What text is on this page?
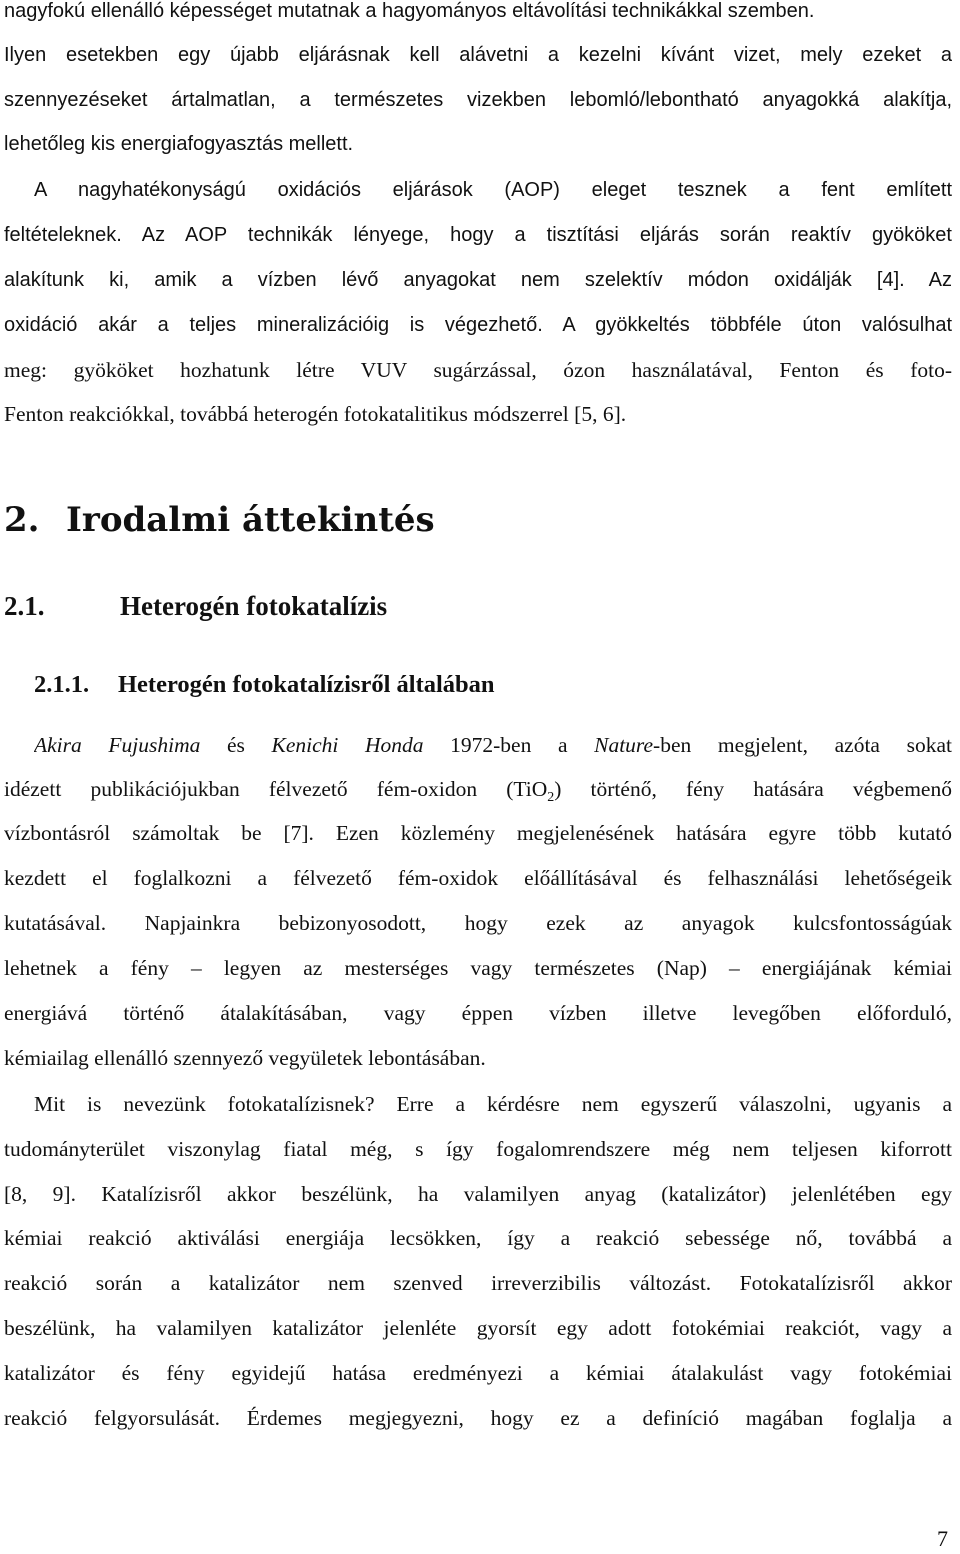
nagyfokú ellenálló képességet mutatnak a hagyományos eltávolítási technikákkal szemben.
Ilyen esetekben egy újabb eljárásnak kell alávetni a kezelni kívánt vizet, mely ezeket a
szennyezéseket ártalmatlan, a természetes vizekben lebomló/lebontható anyagokká alakítja,
lehetőleg kis energiafogyasztás mellett.
A nagyhatékonyságú oxidációs eljárások (AOP) eleget tesznek a fent említett
feltételeknek. Az AOP technikák lényege, hogy a tisztítási eljárás során reaktív gyököket
alakítunk ki, amik a vízben lévő anyagokat nem szelektív módon oxidálják [4]. Az
oxidáció akár a teljes mineralizációig is végezhető. A gyökkeltés többféle úton valósulhat
meg: gyököket hozhatunk létre VUV sugárzással, ózon használatával, Fenton és foto-
Fenton reakciókkal, továbbá heterogén fotokatalitikus módszerrel [5, 6].
2. Irodalmi áttekintés
2.1.	Heterogén fotokatalízis
2.1.1. Heterogén fotokatalízisről általában
Akira Fujushima és Kenichi Honda 1972-ben a Nature-ben megjelent, azóta sokat
idézett publikációjukban félvezető fém-oxidon (TiO$_2$) történő, fény hatására végbemenő
vízbontásról számoltak be [7]. Ezen közlemény megjelenésének hatására egyre több kutató
kezdett el foglalkozni a félvezető fém-oxidok előállításával és felhasználási lehetőségeik
kutatásával. Napjainkra bebizonyosodott, hogy ezek az anyagok kulcsfontosságúak
lehetnek a fény – legyen az mesterséges vagy természetes (Nap) – energiájának kémiai
energiává történő átalakításában, vagy éppen vízben illetve levegőben előforduló,
kémiailag ellenálló szennyező vegyületek lebontásában.
Mit is nevezünk fotokatalízisnek? Erre a kérdésre nem egyszerű válaszolni, ugyanis a
tudományterület viszonylag fiatal még, s így fogalomrendszere még nem teljesen kiforrott
[8, 9]. Katalízisről akkor beszélünk, ha valamilyen anyag (katalizátor) jelenlétében egy
kémiai reakció aktiválási energiája lecsökken, így a reakció sebessége nő, továbbá a
reakció során a katalizátor nem szenved irreverzibilis változást. Fotokatalízisről akkor
beszélünk, ha valamilyen katalizátor jelenléte gyorsít egy adott fotokémiai reakciót, vagy a
katalizátor és fény egyidejű hatása eredményezi a kémiai átalakulást vagy fotokémiai
reakció felgyorsulását. Érdemes megjegyezni, hogy ez a definíció magában foglalja a
7
